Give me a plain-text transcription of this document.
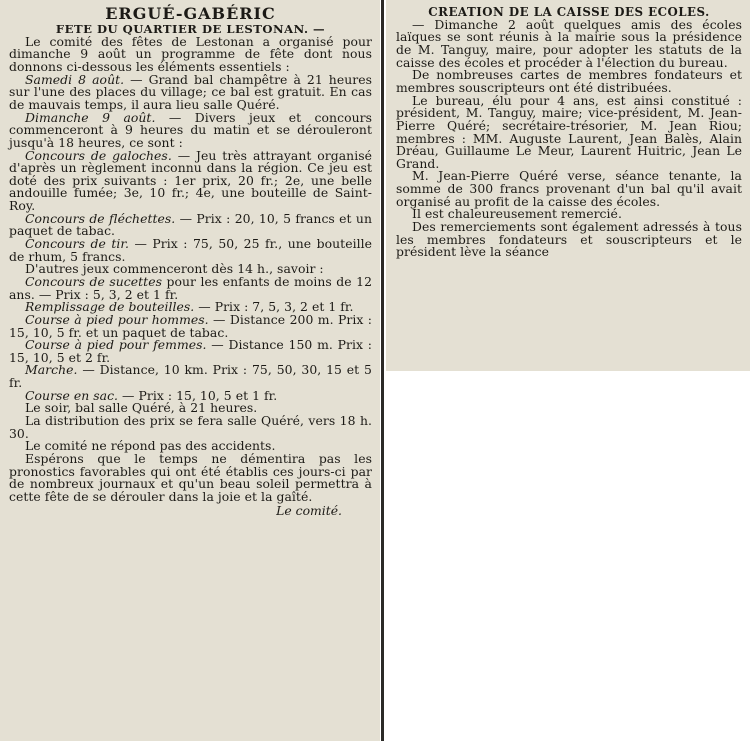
ERGUÉ-GABÉRIC
FETE DU QUARTIER DE LESTONAN. —

Le comité des fêtes de Lestonan a organisé pour dimanche 9 août un programme de fête dont nous donnons ci-dessous les éléments essentiels :

Samedi 8 août. — Grand bal champêtre à 21 heures sur l'une des places du village; ce bal est gratuit. En cas de mauvais temps, il aura lieu salle Quéré.

Dimanche 9 août. — Divers jeux et concours commenceront à 9 heures du matin et se dérouleront jusqu'à 18 heures, ce sont :

Concours de galoches. — Jeu très attrayant organisé d'après un règlement inconnu dans la région. Ce jeu est doté des prix suivants : 1er prix, 20 fr.; 2e, une belle andouille fumée; 3e, 10 fr.; 4e, une bouteille de Saint-Roy.

Concours de fléchettes. — Prix : 20, 10, 5 francs et un paquet de tabac.

Concours de tir. — Prix : 75, 50, 25 fr., une bouteille de rhum, 5 francs.

D'autres jeux commenceront dès 14 h., savoir :

Concours de sucettes pour les enfants de moins de 12 ans. — Prix : 5, 3, 2 et 1 fr.

Remplissage de bouteilles. — Prix : 7, 5, 3, 2 et 1 fr.

Course à pied pour hommes. — Distance 200 m. Prix : 15, 10, 5 fr. et un paquet de tabac.

Course à pied pour femmes. — Distance 150 m. Prix : 15, 10, 5 et 2 fr.

Marche. — Distance, 10 km. Prix : 75, 50, 30, 15 et 5 fr.

Course en sac. — Prix : 15, 10, 5 et 1 fr.

Le soir, bal salle Quéré, à 21 heures.

La distribution des prix se fera salle Quéré, vers 18 h. 30.

Le comité ne répond pas des accidents.

Espérons que le temps ne démentira pas les pronostics favorables qui ont été établis ces jours-ci par de nombreux journaux et qu'un beau soleil permettra à cette fête de se dérouler dans la joie et la gaîté.

Le comité.
CREATION DE LA CAISSE DES ECOLES.

— Dimanche 2 août quelques amis des écoles laïques se sont réunis à la mairie sous la présidence de M. Tanguy, maire, pour adopter les statuts de la caisse des écoles et procéder à l'élection du bureau.

De nombreuses cartes de membres fondateurs et membres souscripteurs ont été distribuées.

Le bureau, élu pour 4 ans, est ainsi constitué : président, M. Tanguy, maire; vice-président, M. Jean-Pierre Quéré; secrétaire-trésorier, M. Jean Riou; membres : MM. Auguste Laurent, Jean Balès, Alain Dréau, Guillaume Le Meur, Laurent Huitric, Jean Le Grand.

M. Jean-Pierre Quéré verse, séance tenante, la somme de 300 francs provenant d'un bal qu'il avait organisé au profit de la caisse des écoles.

Il est chaleureusement remercié.

Des remerciements sont également adressés à tous les membres fondateurs et souscripteurs et le président lève la séance
